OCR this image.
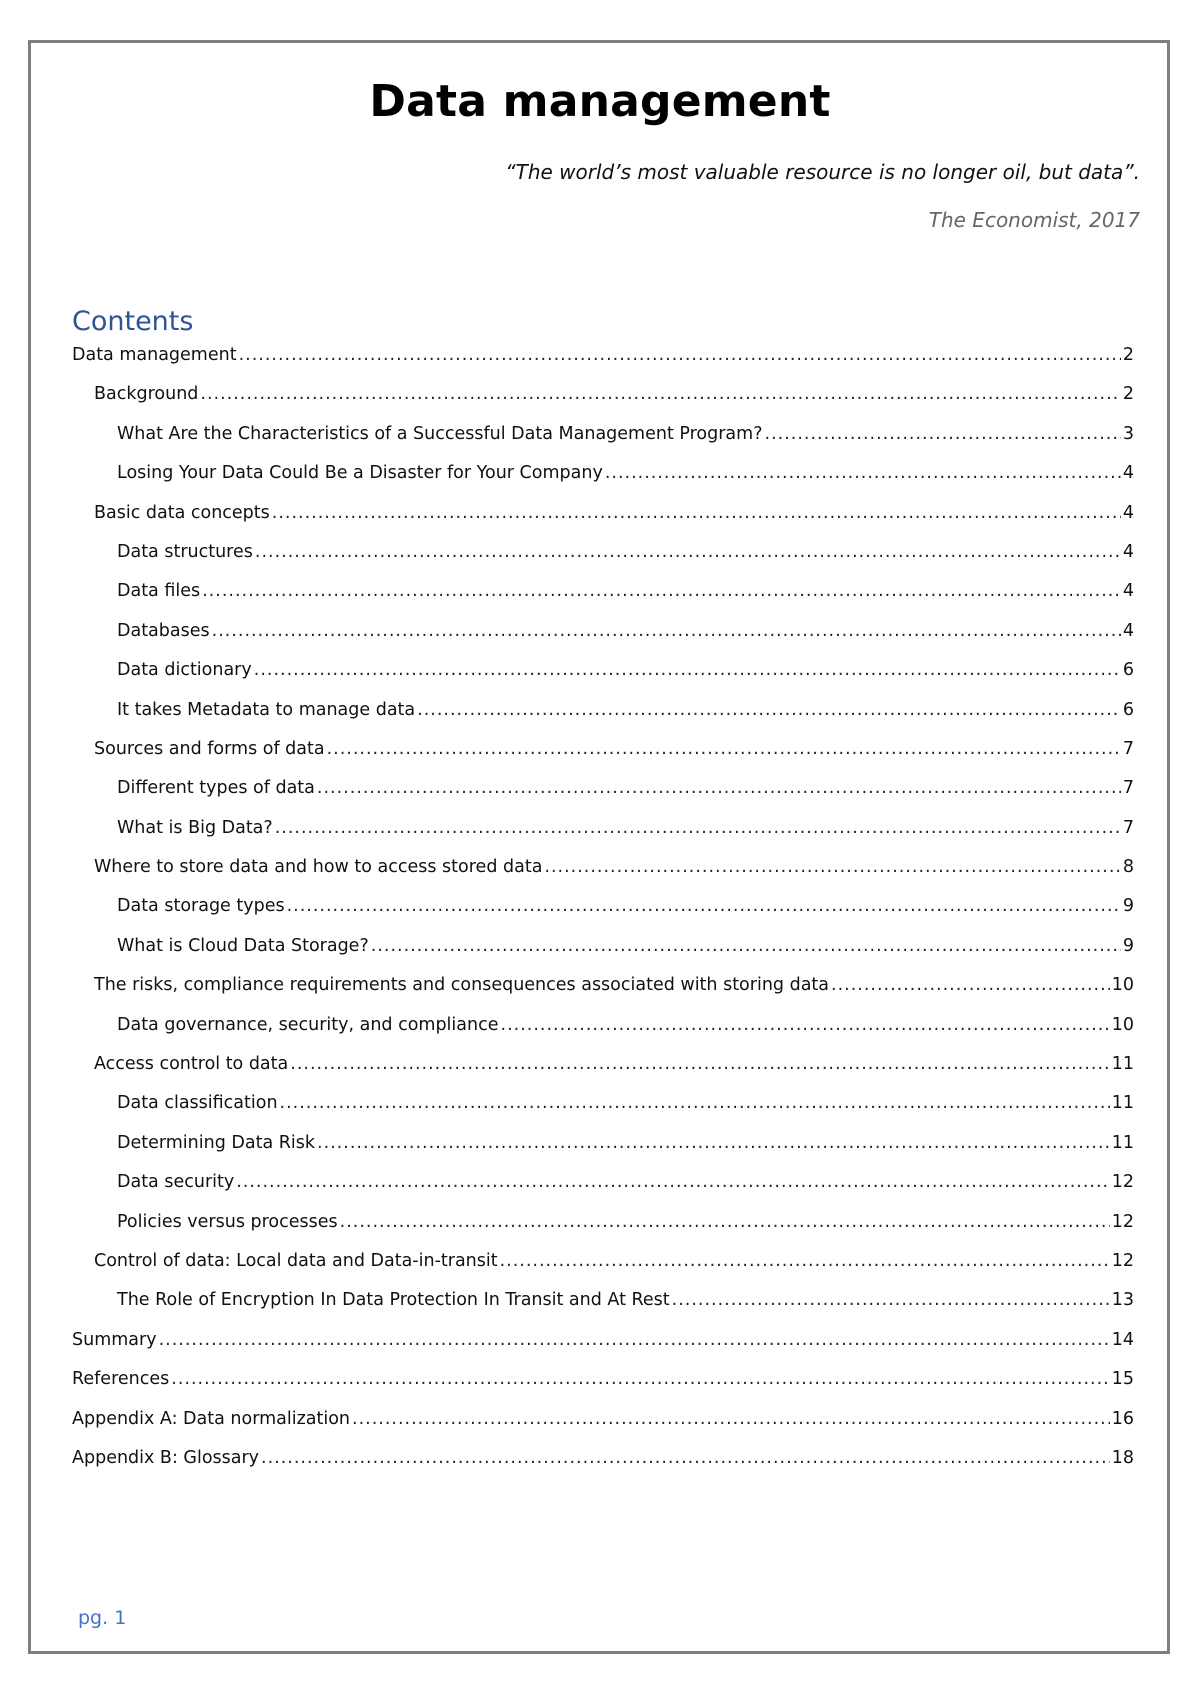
Data management
“The world’s most valuable resource is no longer oil, but data”.
The Economist, 2017
Contents
Data management .....	2
Background .....	2
What Are the Characteristics of a Successful Data Management Program? .....	3
Losing Your Data Could Be a Disaster for Your Company .....	4
Basic data concepts .....	4
Data structures .....	4
Data files .....	4
Databases .....	4
Data dictionary .....	6
It takes Metadata to manage data .....	6
Sources and forms of data .....	7
Different types of data .....	7
What is Big Data? .....	7
Where to store data and how to access stored data .....	8
Data storage types .....	9
What is Cloud Data Storage? .....	9
The risks, compliance requirements and consequences associated with storing data .....	10
Data governance, security, and compliance .....	10
Access control to data .....	11
Data classification .....	11
Determining Data Risk .....	11
Data security .....	12
Policies versus processes .....	12
Control of data: Local data and Data-in-transit .....	12
The Role of Encryption In Data Protection In Transit and At Rest .....	13
Summary .....	14
References .....	15
Appendix A: Data normalization .....	16
Appendix B: Glossary .....	18
pg. 1
